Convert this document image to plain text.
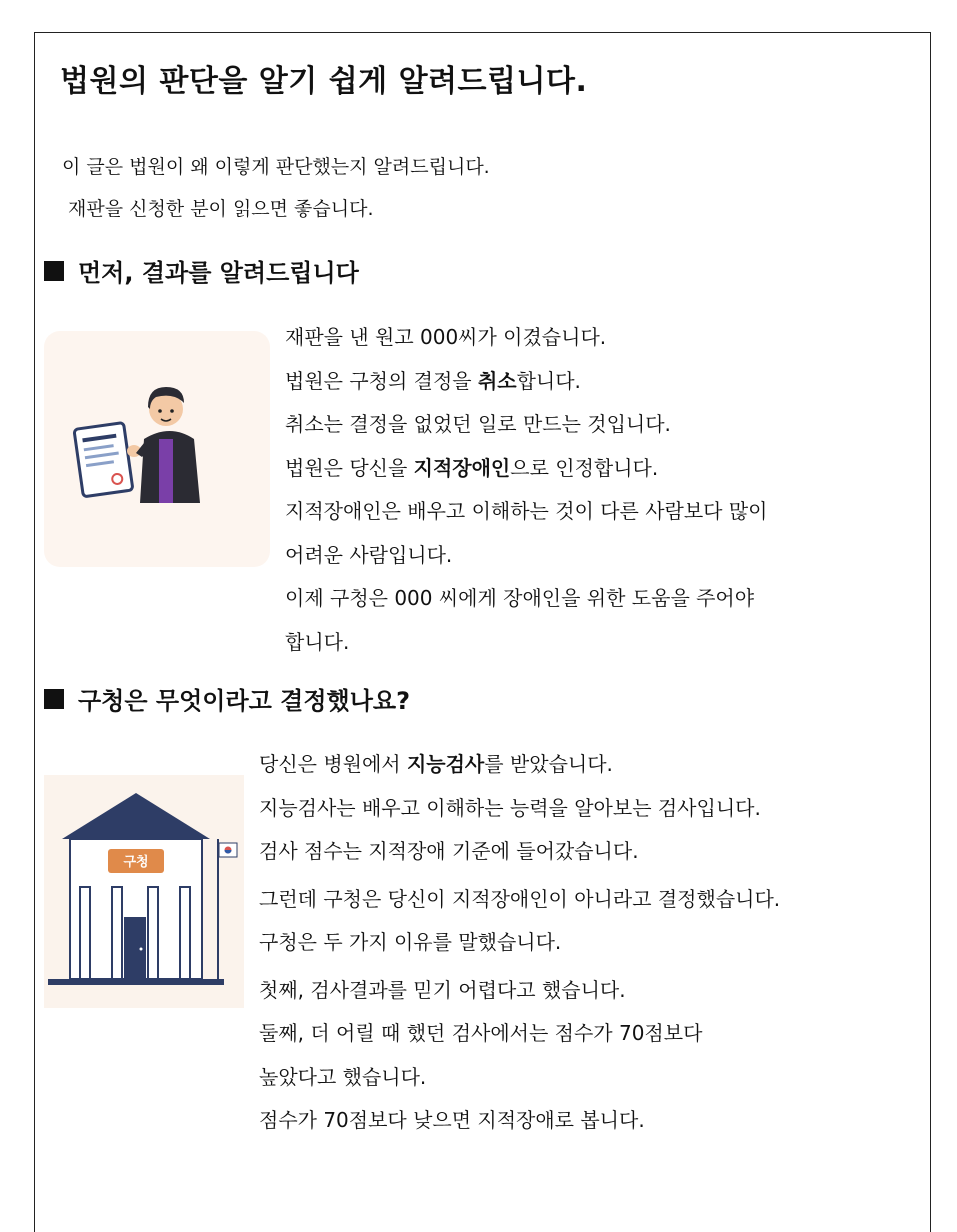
법원의 판단을 알기 쉽게 알려드립니다.
이 글은 법원이 왜 이렇게 판단했는지 알려드립니다.
재판을 신청한 분이 읽으면 좋습니다.
먼저, 결과를 알려드립니다
재판을 낸 원고 000씨가 이겼습니다.
법원은 구청의 결정을 취소합니다.
취소는 결정을 없었던 일로 만드는 것입니다.
법원은 당신을 지적장애인으로 인정합니다.
지적장애인은 배우고 이해하는 것이 다른 사람보다 많이
어려운 사람입니다.
이제 구청은 000 씨에게 장애인을 위한 도움을 주어야
합니다.
구청은 무엇이라고 결정했나요?
구청
당신은 병원에서 지능검사를 받았습니다.
지능검사는 배우고 이해하는 능력을 알아보는 검사입니다.
검사 점수는 지적장애 기준에 들어갔습니다.
그런데 구청은 당신이 지적장애인이 아니라고 결정했습니다.
구청은 두 가지 이유를 말했습니다.
첫째, 검사결과를 믿기 어렵다고 했습니다.
둘째, 더 어릴 때 했던 검사에서는 점수가 70점보다
높았다고 했습니다.
점수가 70점보다 낮으면 지적장애로 봅니다.
